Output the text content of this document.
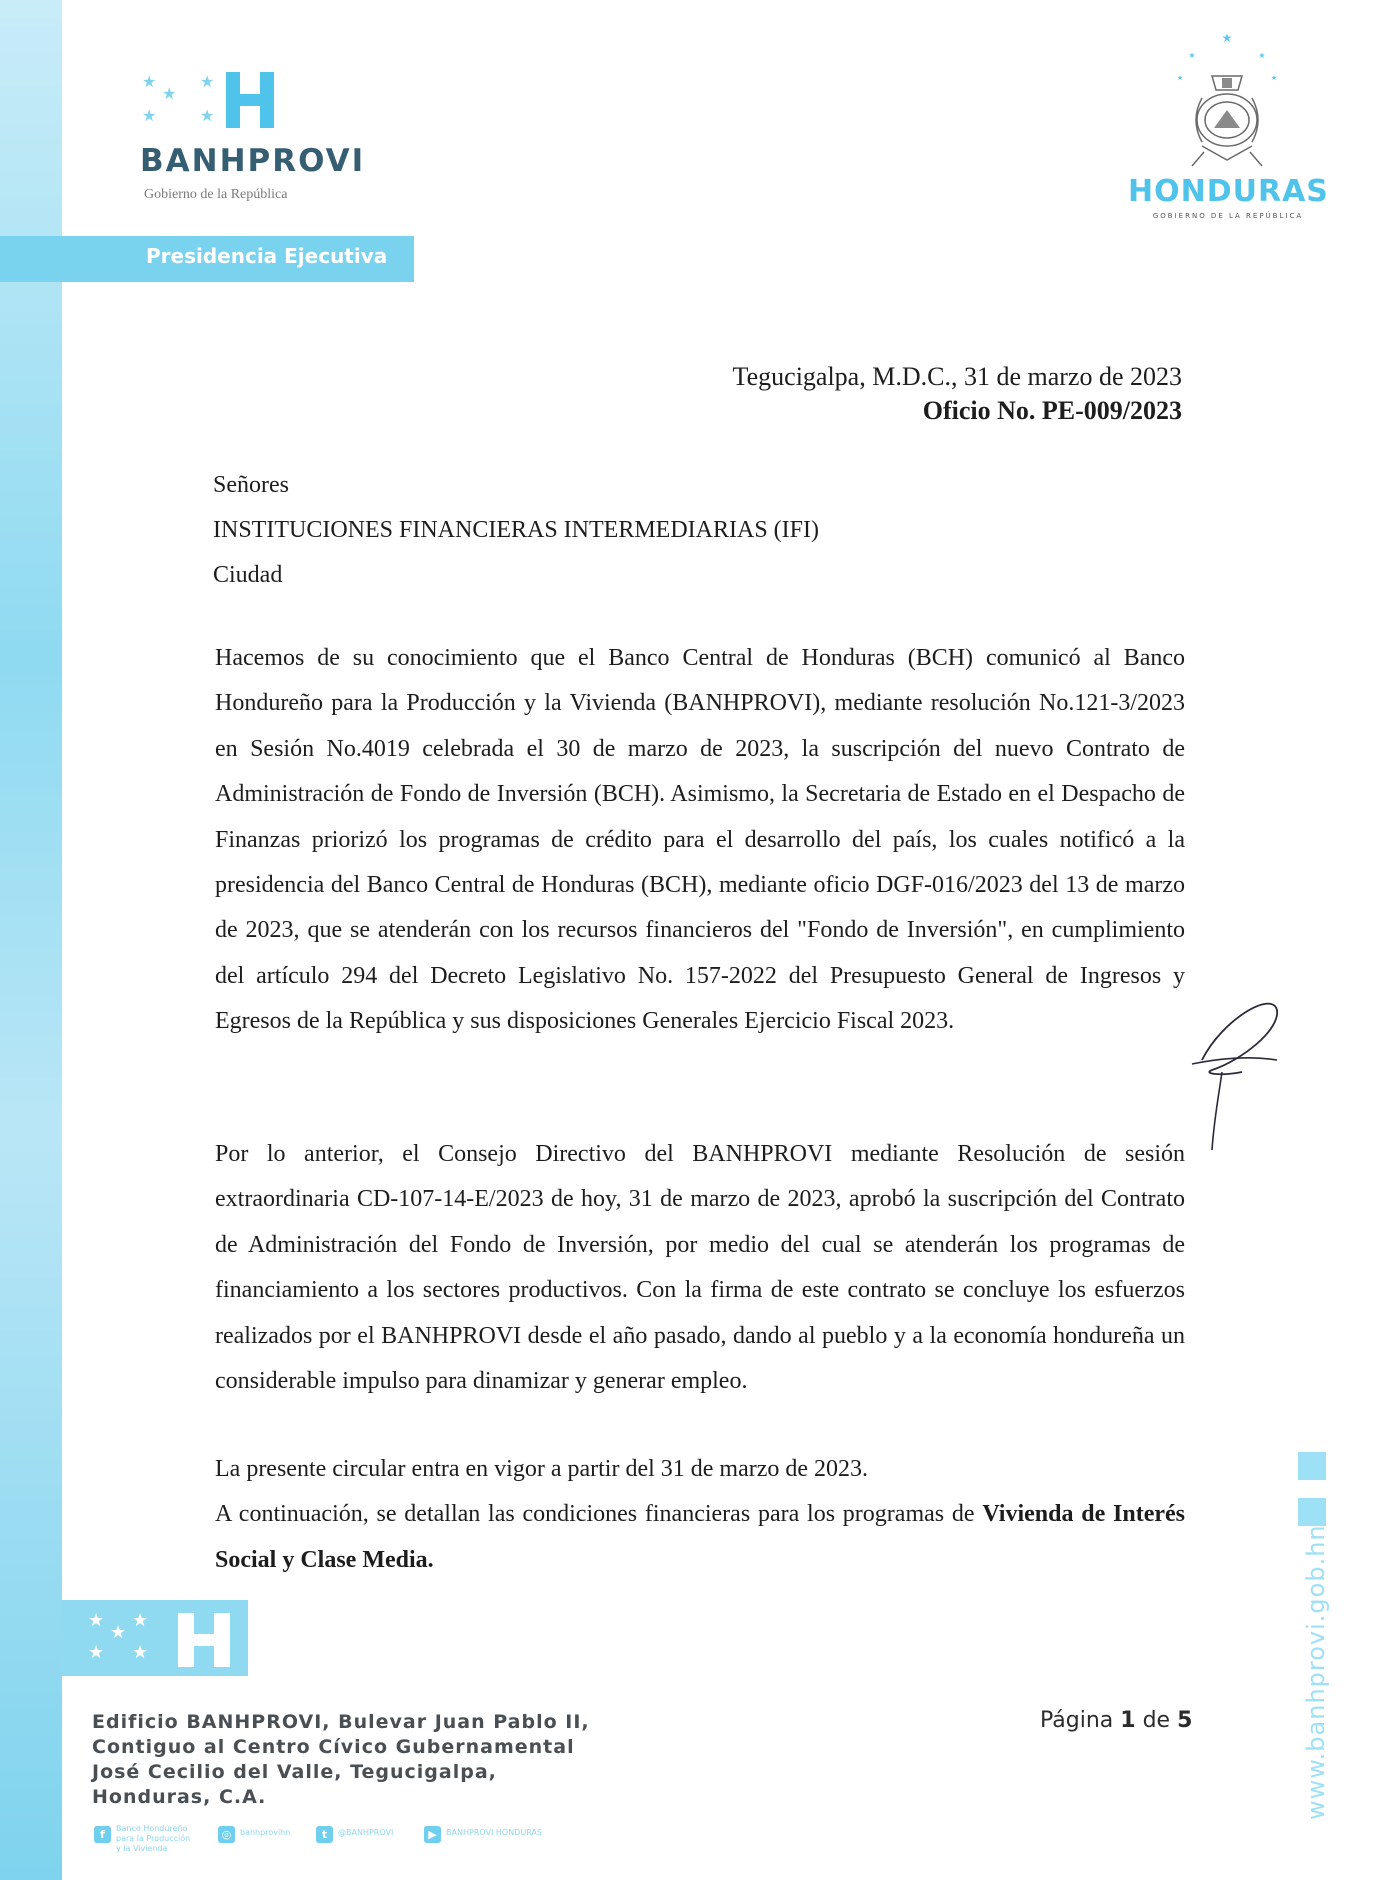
★
★
★
★	★
BANHPROVI
Gobierno de la República
Presidencia Ejecutiva
★
★	★
★	★
HONDURAS
GOBIERNO DE LA REPÚBLICA
Tegucigalpa, M.D.C., 31 de marzo de 2023
Oficio No. PE-009/2023
Señores
INSTITUCIONES FINANCIERAS INTERMEDIARIAS (IFI)
Ciudad

Hacemos de su conocimiento que el Banco Central de Honduras (BCH) comunicó al Banco Hondureño para la Producción y la Vivienda (BANHPROVI), mediante resolución No.121-3/2023 en Sesión No.4019 celebrada el 30 de marzo de 2023, la suscripción del nuevo Contrato de Administración de Fondo de Inversión (BCH). Asimismo, la Secretaria de Estado en el Despacho de Finanzas priorizó los programas de crédito para el desarrollo del país, los cuales notificó a la presidencia del Banco Central de Honduras (BCH), mediante oficio DGF-016/2023 del 13 de marzo de 2023, que se atenderán con los recursos financieros del "Fondo de Inversión", en cumplimiento del artículo 294 del Decreto Legislativo No. 157-2022 del Presupuesto General de Ingresos y Egresos de la República y sus disposiciones Generales Ejercicio Fiscal 2023.

Por lo anterior, el Consejo Directivo del BANHPROVI mediante Resolución de sesión extraordinaria CD-107-14-E/2023 de hoy, 31 de marzo de 2023, aprobó la suscripción del Contrato de Administración del Fondo de Inversión, por medio del cual se atenderán los programas de financiamiento a los sectores productivos. Con la firma de este contrato se concluye los esfuerzos realizados por el BANHPROVI desde el año pasado, dando al pueblo y a la economía hondureña un considerable impulso para dinamizar y generar empleo.

La presente circular entra en vigor a partir del 31 de marzo de 2023.
A continuación, se detallan las condiciones financieras para los programas de Vivienda de Interés Social y Clase Media.	www.banhprovi.gob.hn
★
★
★
★ ★
Edificio BANHPROVI, Bulevar Juan Pablo II,
Contiguo al Centro Cívico Gubernamental
José Cecilio del Valle, Tegucigalpa,
Honduras, C.A.
Página 1 de 5
f	Banco Hondureño para la Producción y la Vivienda
◎	banhprovihn	t	@BANHPROVI	▶	BANHPROVI HONDURAS
